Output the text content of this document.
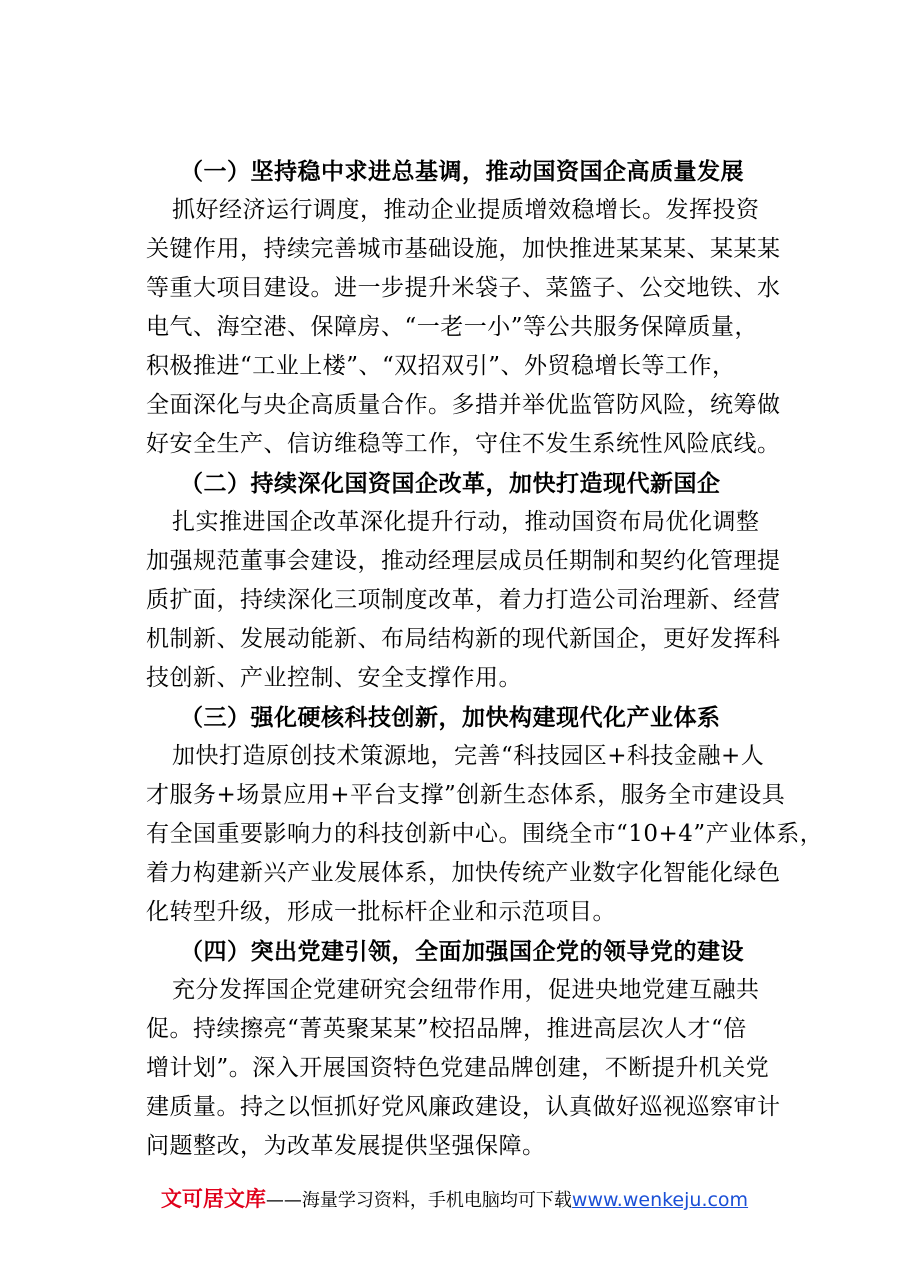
（一）坚持稳中求进总基调，推动国资国企高质量发展

抓好经济运行调度，推动企业提质增效稳增长。发挥投资
关键作用，持续完善城市基础设施，加快推进某某某、某某某
等重大项目建设。进一步提升米袋子、菜篮子、公交地铁、水
电气、海空港、保障房、“一老一小”等公共服务保障质量，
积极推进“工业上楼”、“双招双引”、外贸稳增长等工作，
全面深化与央企高质量合作。多措并举优监管防风险，统筹做
好安全生产、信访维稳等工作，守住不发生系统性风险底线。

（二）持续深化国资国企改革，加快打造现代新国企

扎实推进国企改革深化提升行动，推动国资布局优化调整
加强规范董事会建设，推动经理层成员任期制和契约化管理提
质扩面，持续深化三项制度改革，着力打造公司治理新、经营
机制新、发展动能新、布局结构新的现代新国企，更好发挥科
技创新、产业控制、安全支撑作用。

（三）强化硬核科技创新，加快构建现代化产业体系

加快打造原创技术策源地，完善“科技园区+科技金融+人
才服务+场景应用+平台支撑”创新生态体系，服务全市建设具
有全国重要影响力的科技创新中心。围绕全市“10+4”产业体系，
着力构建新兴产业发展体系，加快传统产业数字化智能化绿色
化转型升级，形成一批标杆企业和示范项目。

（四）突出党建引领，全面加强国企党的领导党的建设

充分发挥国企党建研究会纽带作用，促进央地党建互融共
促。持续擦亮“菁英聚某某”校招品牌，推进高层次人才“倍
增计划”。深入开展国资特色党建品牌创建，不断提升机关党
建质量。持之以恒抓好党风廉政建设，认真做好巡视巡察审计
问题整改，为改革发展提供坚强保障。

文可居文库——海量学习资料，手机电脑均可下载www.wenkeju.com
